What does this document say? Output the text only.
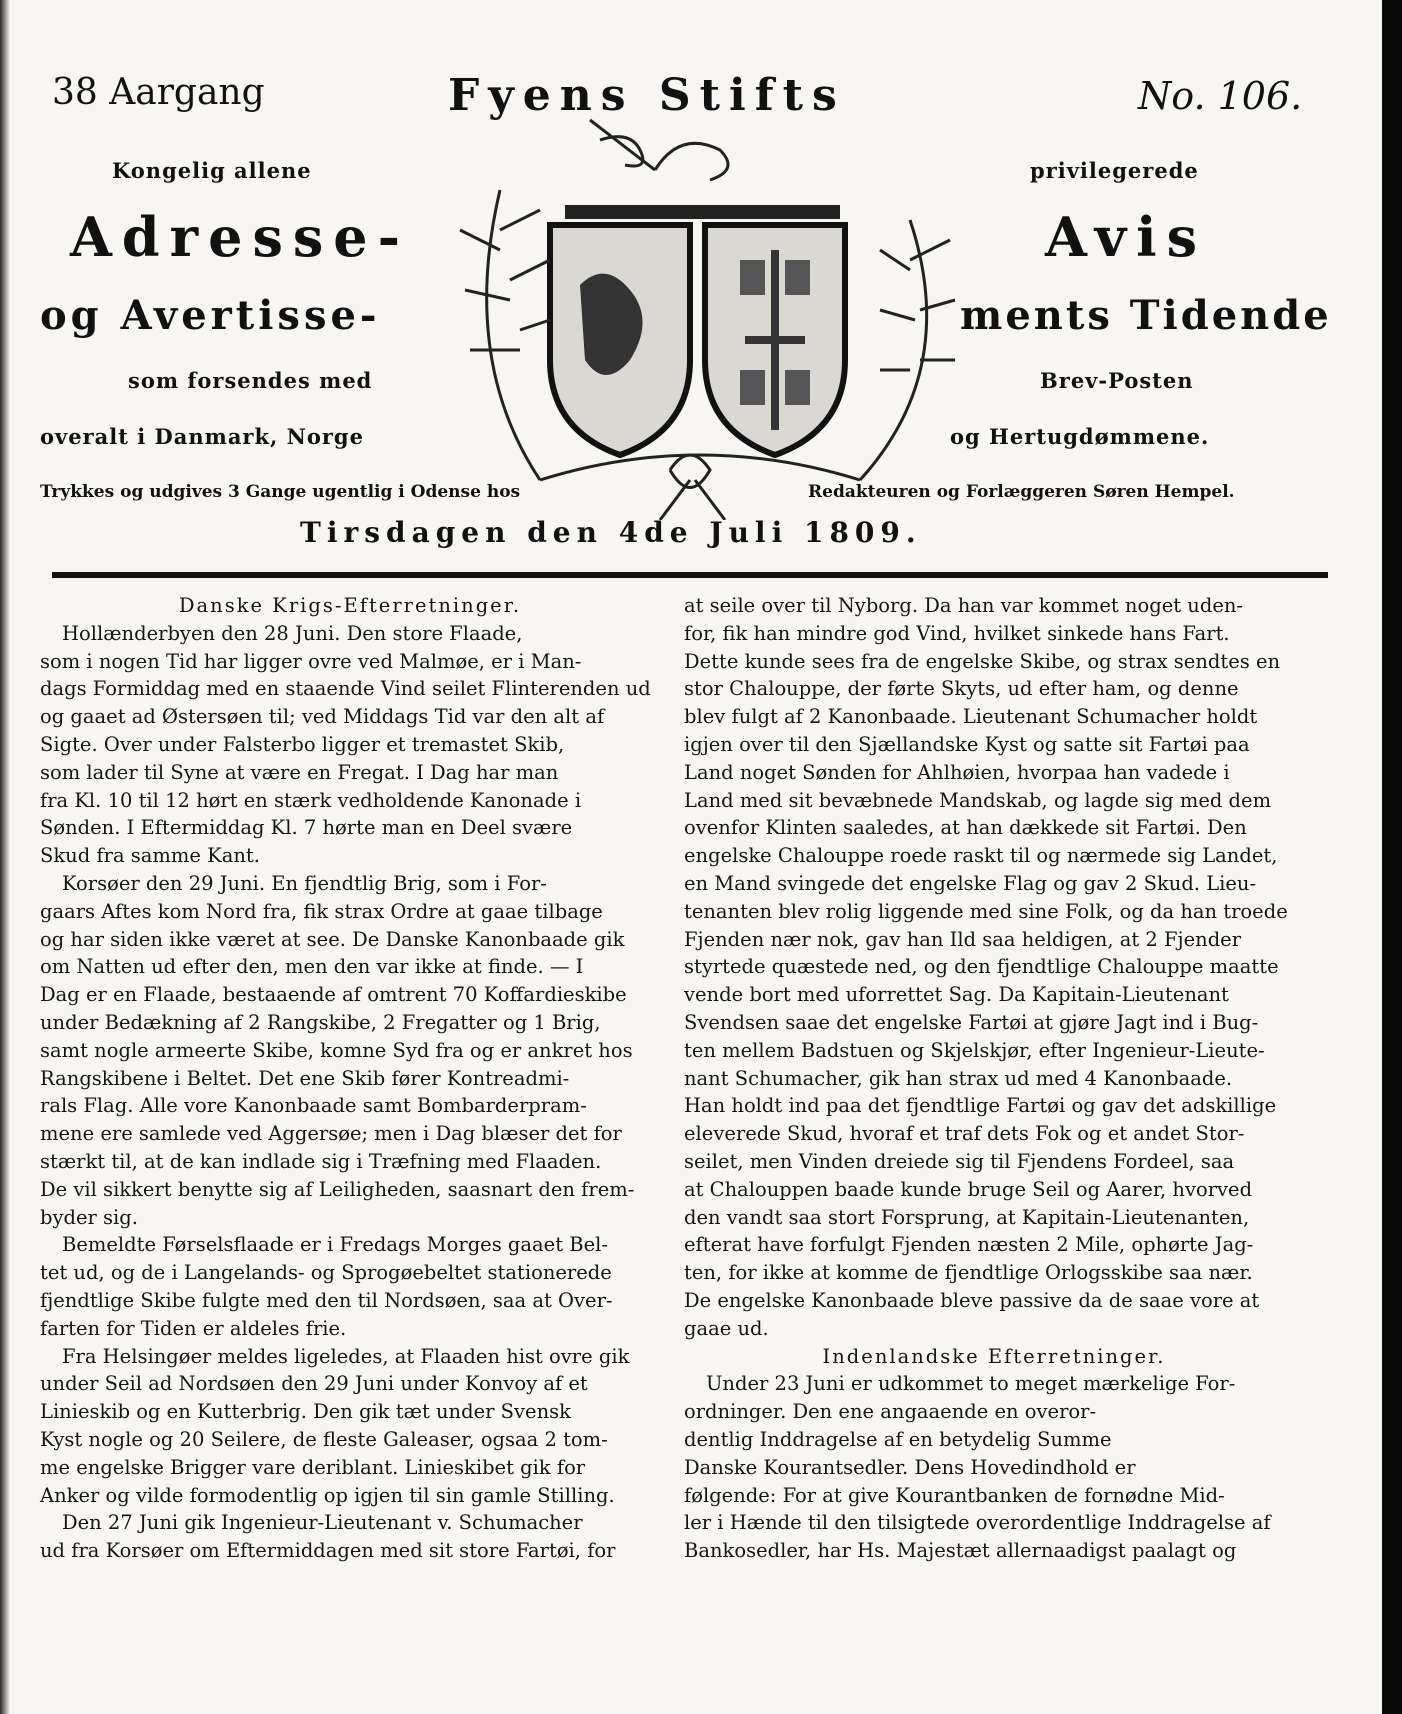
38 Aargang	Fyens Stifts	No. 106.
Kongelig allene	privilegerede
Adresse-	Avis
og Avertisse-	ments Tidende
som forsendes med	Brev-Posten
overalt i Danmark, Norge	og Hertugdømmene.
Trykkes og udgives 3 Gange ugentlig i Odense hos	Redakteuren og Forlæggeren Søren Hempel.
Tirsdagen den 4de Juli 1809.
Danske Krigs-Efterretninger.
Hollænderbyen den 28 Juni. Den store Flaade,
som i nogen Tid har ligger ovre ved Malmøe, er i Man-
dags Formiddag med en staaende Vind seilet Flinterenden ud
og gaaet ad Østersøen til; ved Middags Tid var den alt af
Sigte. Over under Falsterbo ligger et tremastet Skib,
som lader til Syne at være en Fregat. I Dag har man
fra Kl. 10 til 12 hørt en stærk vedholdende Kanonade i
Sønden. I Eftermiddag Kl. 7 hørte man en Deel svære
Skud fra samme Kant.
Korsøer den 29 Juni. En fjendtlig Brig, som i For-
gaars Aftes kom Nord fra, fik strax Ordre at gaae tilbage
og har siden ikke været at see. De Danske Kanonbaade gik
om Natten ud efter den, men den var ikke at finde. — I
Dag er en Flaade, bestaaende af omtrent 70 Koffardieskibe
under Bedækning af 2 Rangskibe, 2 Fregatter og 1 Brig,
samt nogle armeerte Skibe, komne Syd fra og er ankret hos
Rangskibene i Beltet. Det ene Skib fører Kontreadmi-
rals Flag. Alle vore Kanonbaade samt Bombarderpram-
mene ere samlede ved Aggersøe; men i Dag blæser det for
stærkt til, at de kan indlade sig i Træfning med Flaaden.
De vil sikkert benytte sig af Leiligheden, saasnart den frem-
byder sig.
Bemeldte Førselsflaade er i Fredags Morges gaaet Bel-
tet ud, og de i Langelands- og Sprogøebeltet stationerede
fjendtlige Skibe fulgte med den til Nordsøen, saa at Over-
farten for Tiden er aldeles frie.
Fra Helsingøer meldes ligeledes, at Flaaden hist ovre gik
under Seil ad Nordsøen den 29 Juni under Konvoy af et
Linieskib og en Kutterbrig. Den gik tæt under Svensk
Kyst nogle og 20 Seilere, de fleste Galeaser, ogsaa 2 tom-
me engelske Brigger vare deriblant. Linieskibet gik for
Anker og vilde formodentlig op igjen til sin gamle Stilling.
Den 27 Juni gik Ingenieur-Lieutenant v. Schumacher
ud fra Korsøer om Eftermiddagen med sit store Fartøi, for
at seile over til Nyborg. Da han var kommet noget uden-
for, fik han mindre god Vind, hvilket sinkede hans Fart.
Dette kunde sees fra de engelske Skibe, og strax sendtes en
stor Chalouppe, der førte Skyts, ud efter ham, og denne
blev fulgt af 2 Kanonbaade. Lieutenant Schumacher holdt
igjen over til den Sjællandske Kyst og satte sit Fartøi paa
Land noget Sønden for Ahlhøien, hvorpaa han vadede i
Land med sit bevæbnede Mandskab, og lagde sig med dem
ovenfor Klinten saaledes, at han dækkede sit Fartøi. Den
engelske Chalouppe roede raskt til og nærmede sig Landet,
en Mand svingede det engelske Flag og gav 2 Skud. Lieu-
tenanten blev rolig liggende med sine Folk, og da han troede
Fjenden nær nok, gav han Ild saa heldigen, at 2 Fjender
styrtede quæstede ned, og den fjendtlige Chalouppe maatte
vende bort med uforrettet Sag. Da Kapitain-Lieutenant
Svendsen saae det engelske Fartøi at gjøre Jagt ind i Bug-
ten mellem Badstuen og Skjelskjør, efter Ingenieur-Lieute-
nant Schumacher, gik han strax ud med 4 Kanonbaade.
Han holdt ind paa det fjendtlige Fartøi og gav det adskillige
eleverede Skud, hvoraf et traf dets Fok og et andet Stor-
seilet, men Vinden dreiede sig til Fjendens Fordeel, saa
at Chalouppen baade kunde bruge Seil og Aarer, hvorved
den vandt saa stort Forsprung, at Kapitain-Lieutenanten,
efterat have forfulgt Fjenden næsten 2 Mile, ophørte Jag-
ten, for ikke at komme de fjendtlige Orlogsskibe saa nær.
De engelske Kanonbaade bleve passive da de saae vore at
gaae ud.
Indenlandske Efterretninger.
Under 23 Juni er udkommet to meget mærkelige For-
ordninger. Den ene angaaende en overor-
dentlig Inddragelse af en betydelig Summe
Danske Kourantsedler. Dens Hovedindhold er
følgende: For at give Kourantbanken de fornødne Mid-
ler i Hænde til den tilsigtede overordentlige Inddragelse af
Bankosedler, har Hs. Majestæt allernaadigst paalagt og
